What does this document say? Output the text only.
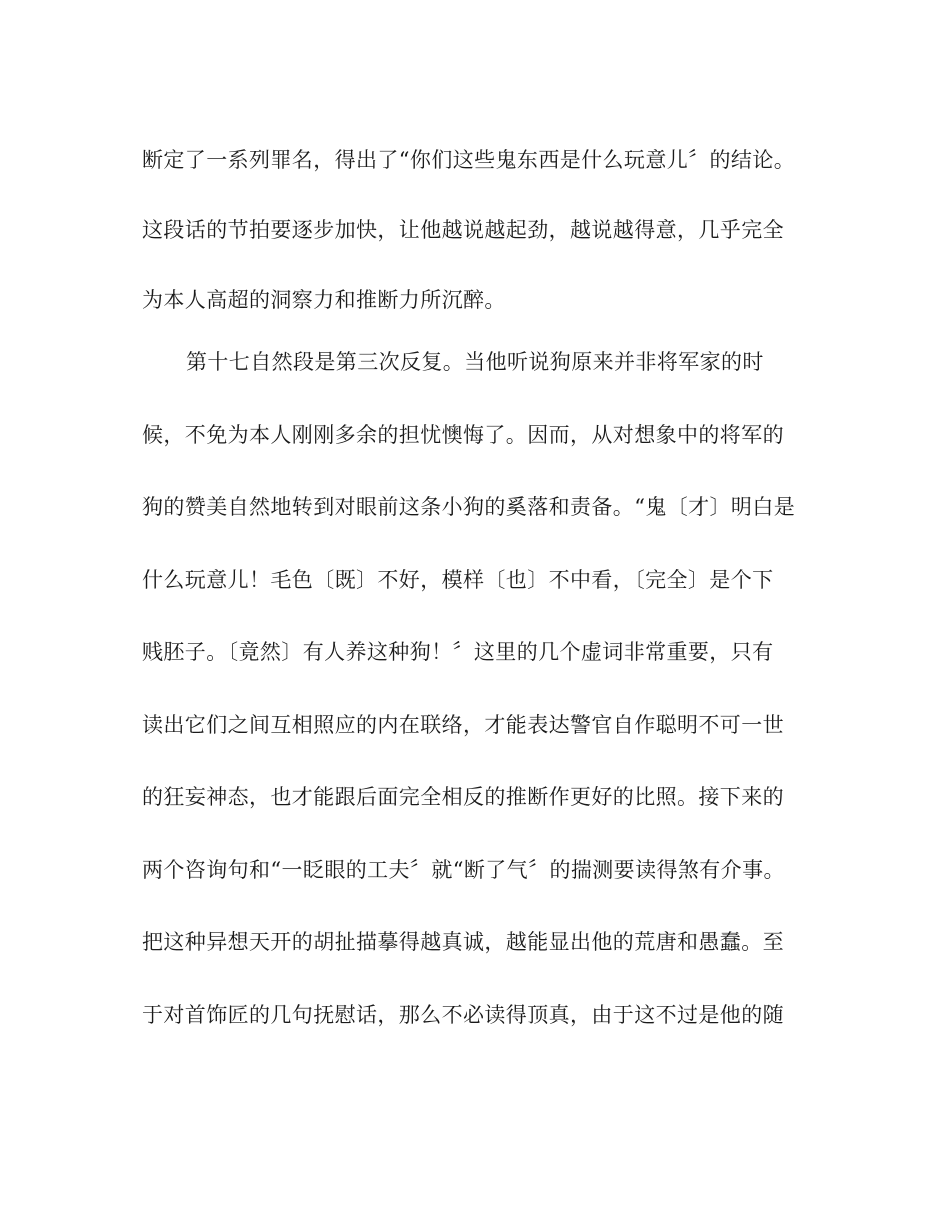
断定了一系列罪名，得出了“你们这些鬼东西是什么玩意儿〞的结论。
这段话的节拍要逐步加快，让他越说越起劲，越说越得意，几乎完全
为本人高超的洞察力和推断力所沉醉。
第十七自然段是第三次反复。当他听说狗原来并非将军家的时
候，不免为本人刚刚多余的担忧懊悔了。因而，从对想象中的将军的
狗的赞美自然地转到对眼前这条小狗的奚落和责备。“鬼〔才〕明白是
什么玩意儿！毛色〔既〕不好，模样〔也〕不中看，〔完全〕是个下
贱胚子。〔竟然〕有人养这种狗！〞这里的几个虚词非常重要，只有
读出它们之间互相照应的内在联络，才能表达警官自作聪明不可一世
的狂妄神态，也才能跟后面完全相反的推断作更好的比照。接下来的
两个咨询句和“一眨眼的工夫〞就“断了气〞的揣测要读得煞有介事。
把这种异想天开的胡扯描摹得越真诚，越能显出他的荒唐和愚蠢。至
于对首饰匠的几句抚慰话，那么不必读得顶真，由于这不过是他的随
